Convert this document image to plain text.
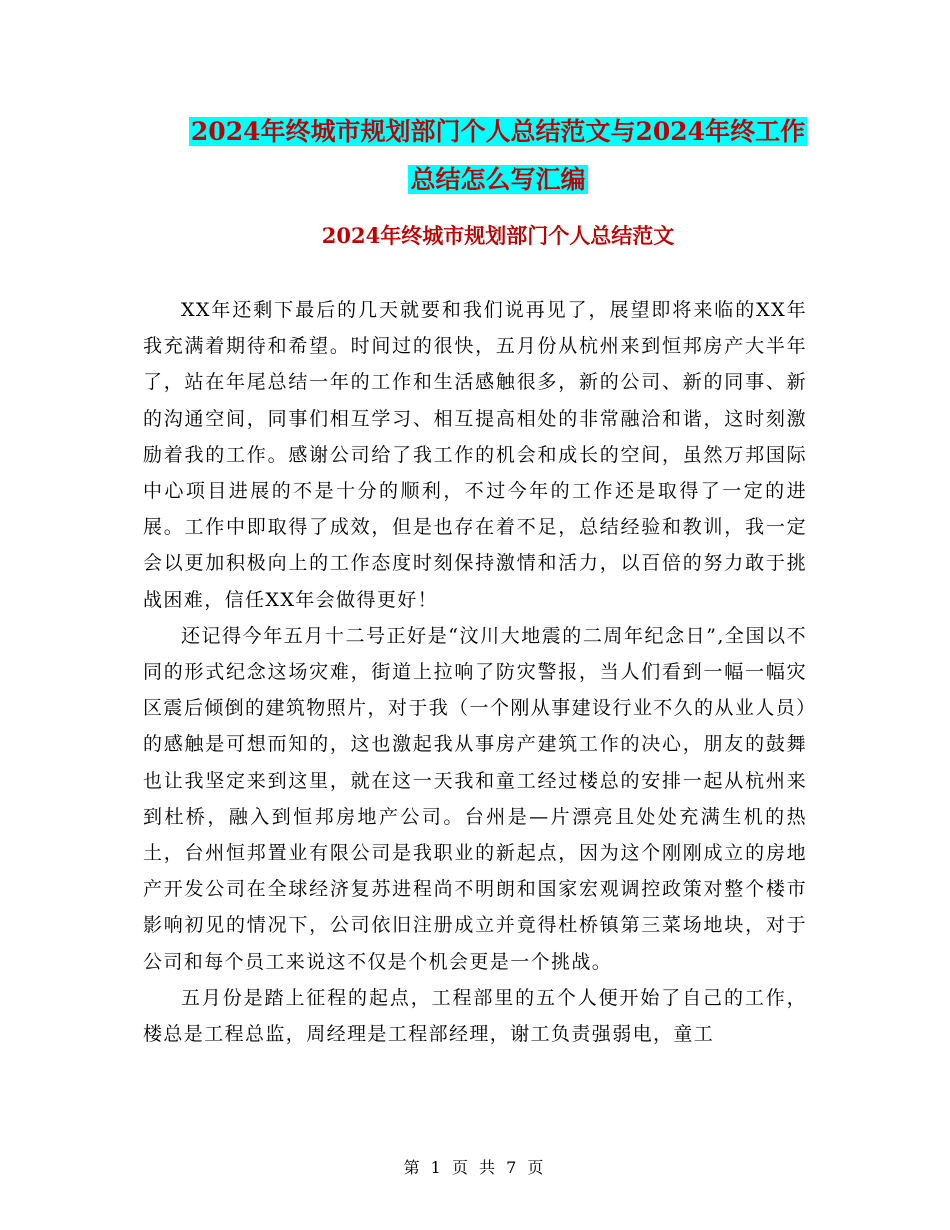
2024年终城市规划部门个人总结范文与2024年终工作
总结怎么写汇编
2024年终城市规划部门个人总结范文

XX年还剩下最后的几天就要和我们说再见了，展望即将来临的XX年我充满着期待和希望。时间过的很快，五月份从杭州来到恒邦房产大半年了，站在年尾总结一年的工作和生活感触很多，新的公司、新的同事、新的沟通空间，同事们相互学习、相互提高相处的非常融洽和谐，这时刻激励着我的工作。感谢公司给了我工作的机会和成长的空间，虽然万邦国际中心项目进展的不是十分的顺利，不过今年的工作还是取得了一定的进展。工作中即取得了成效，但是也存在着不足，总结经验和教训，我一定会以更加积极向上的工作态度时刻保持激情和活力，以百倍的努力敢于挑战困难，信任XX年会做得更好！

还记得今年五月十二号正好是“汶川大地震的二周年纪念日”,全国以不同的形式纪念这场灾难，街道上拉响了防灾警报，当人们看到一幅一幅灾区震后倾倒的建筑物照片，对于我（一个刚从事建设行业不久的从业人员）的感触是可想而知的，这也激起我从事房产建筑工作的决心，朋友的鼓舞也让我坚定来到这里，就在这一天我和童工经过楼总的安排一起从杭州来到杜桥，融入到恒邦房地产公司。台州是—片漂亮且处处充满生机的热土，台州恒邦置业有限公司是我职业的新起点，因为这个刚刚成立的房地产开发公司在全球经济复苏进程尚不明朗和国家宏观调控政策对整个楼市影响初见的情况下，公司依旧注册成立并竟得杜桥镇第三菜场地块，对于公司和每个员工来说这不仅是个机会更是一个挑战。

五月份是踏上征程的起点，工程部里的五个人便开始了自己的工作，楼总是工程总监，周经理是工程部经理，谢工负责强弱电，童工

第 1 页 共 7 页
